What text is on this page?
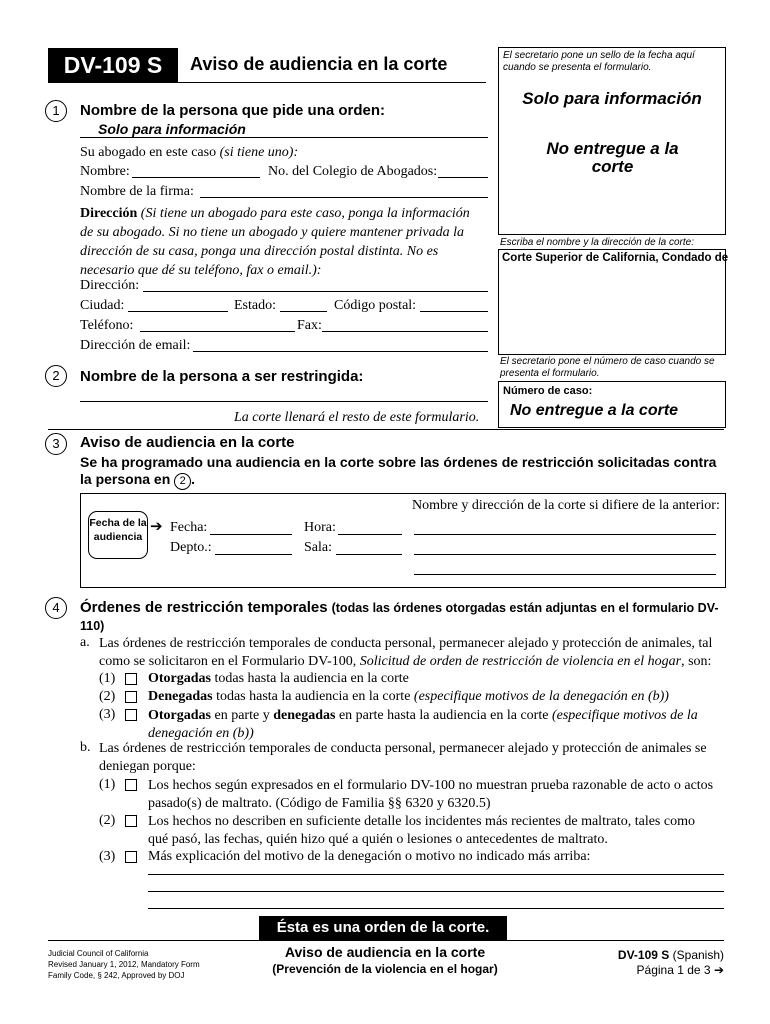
DV-109 S	Aviso de audiencia en la corte	El secretario pone un sello de la fecha aquí cuando se presenta el formulario.
Solo para información
No entregue a la corte
Escriba el nombre y la dirección de la corte:
Corte Superior de California, Condado de
El secretario pone el número de caso cuando se presenta el formulario.
Número de caso:
No entregue a la corte
1	Nombre de la persona que pide una orden:
Solo para información
Su abogado en este caso (si tiene uno):
Nombre:	No. del Colegio de Abogados:
Nombre de la firma:
Dirección (Si tiene un abogado para este caso, ponga la información de su abogado. Si no tiene un abogado y quiere mantener privada la dirección de su casa, ponga una dirección postal distinta. No es necesario que dé su teléfono, fax o email.):
Dirección:
Ciudad:	Estado:	Código postal:
Teléfono:	Fax:
Dirección de email:
2	Nombre de la persona a ser restringida:
La corte llenará el resto de este formulario.
3	Aviso de audiencia en la corte
Se ha programado una audiencia en la corte sobre las órdenes de restricción solicitadas contra la persona en 2 .
Fecha de la audiencia
➔ Fecha:	Hora:
Depto.:	Sala:
Nombre y dirección de la corte si difiere de la anterior:
4	Órdenes de restricción temporales (todas las órdenes otorgadas están adjuntas en el formulario DV-110)
a. Las órdenes de restricción temporales de conducta personal, permanecer alejado y protección de animales, tal como se solicitaron en el Formulario DV-100, Solicitud de orden de restricción de violencia en el hogar, son:
(1) Otorgadas todas hasta la audiencia en la corte
(2) Denegadas todas hasta la audiencia en la corte (especifique motivos de la denegación en (b))
(3) Otorgadas en parte y denegadas en parte hasta la audiencia en la corte (especifique motivos de la denegación en (b))
b. Las órdenes de restricción temporales de conducta personal, permanecer alejado y protección de animales se deniegan porque:
(1) Los hechos según expresados en el formulario DV-100 no muestran prueba razonable de acto o actos pasado(s) de maltrato. (Código de Familia §§ 6320 y 6320.5)
(2) Los hechos no describen en suficiente detalle los incidentes más recientes de maltrato, tales como qué pasó, las fechas, quién hizo qué a quién o lesiones o antecedentes de maltrato.
(3) Más explicación del motivo de la denegación o motivo no indicado más arriba:
Ésta es una orden de la corte.
Judicial Council of California
Revised January 1, 2012, Mandatory Form
Family Code, § 242, Approved by DOJ
Aviso de audiencia en la corte
(Prevención de la violencia en el hogar)
DV-109 S (Spanish)
Página 1 de 3 ➔
